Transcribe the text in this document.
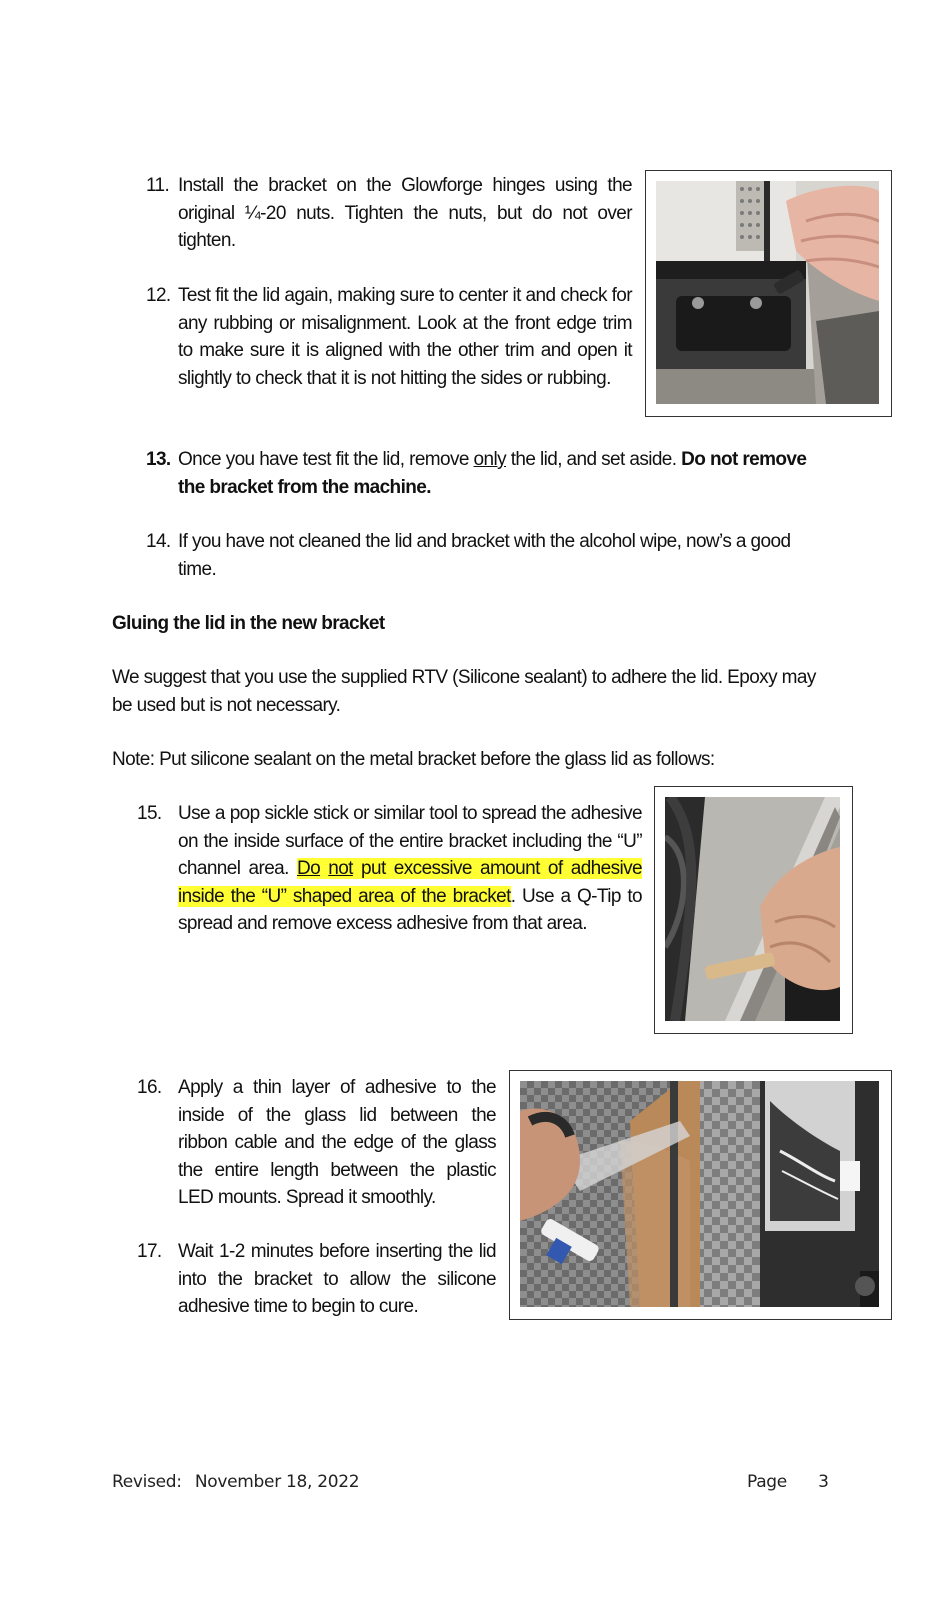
11. Install the bracket on the Glowforge hinges using the original ¼-20 nuts. Tighten the nuts, but do not over tighten.
12. Test fit the lid again, making sure to center it and check for any rubbing or misalignment. Look at the front edge trim to make sure it is aligned with the other trim and open it slightly to check that it is not hitting the sides or rubbing.
13. Once you have test fit the lid, remove only the lid, and set aside. Do not remove the bracket from the machine.
14. If you have not cleaned the lid and bracket with the alcohol wipe, now’s a good time.
Gluing the lid in the new bracket
We suggest that you use the supplied RTV (Silicone sealant) to adhere the lid. Epoxy may be used but is not necessary.
Note: Put silicone sealant on the metal bracket before the glass lid as follows:
15. Use a pop sickle stick or similar tool to spread the adhesive on the inside surface of the entire bracket including the “U” channel area. Do not put excessive amount of adhesive inside the “U” shaped area of the bracket. Use a Q-Tip to spread and remove excess adhesive from that area.
16. Apply a thin layer of adhesive to the inside of the glass lid between the ribbon cable and the edge of the glass the entire length between the plastic LED mounts. Spread it smoothly.
17. Wait 1-2 minutes before inserting the lid into the bracket to allow the silicone adhesive time to begin to cure.
Revised: November 18, 2022	Page 3
